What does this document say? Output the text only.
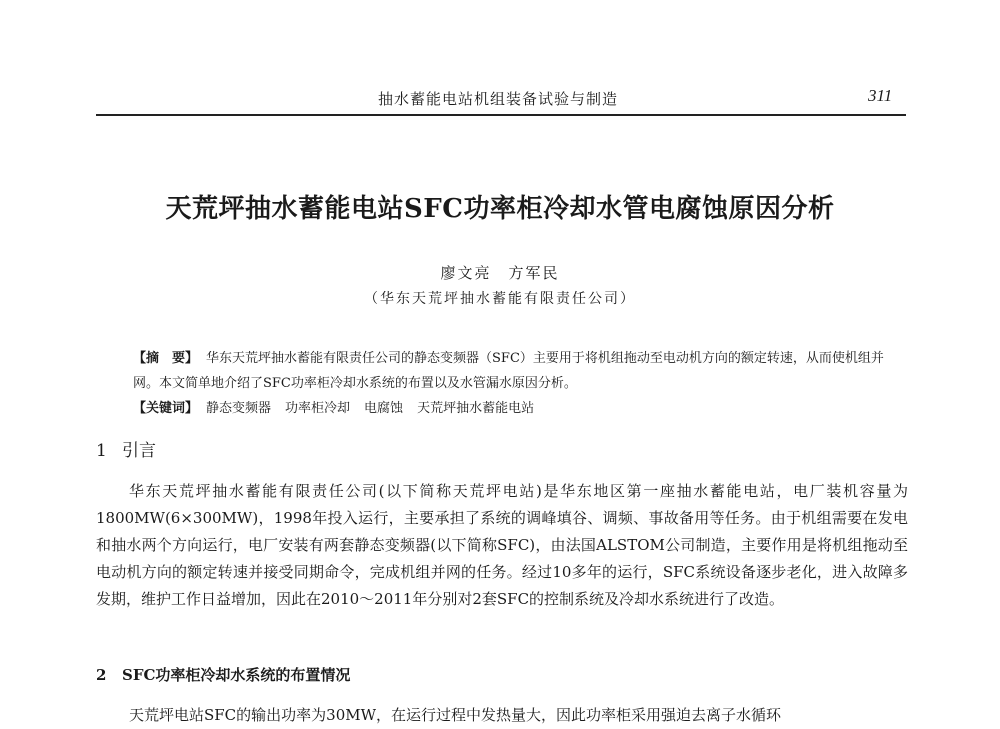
抽水蓄能电站机组装备试验与制造	311
天荒坪抽水蓄能电站SFC功率柜冷却水管电腐蚀原因分析
廖文亮　方军民
（华东天荒坪抽水蓄能有限责任公司）

【摘　要】 华东天荒坪抽水蓄能有限责任公司的静态变频器（SFC）主要用于将机组拖动至电动机方向的额定转速，从而使机组并网。本文简单地介绍了SFC功率柜冷却水系统的布置以及水管漏水原因分析。

【关键词】 静态变频器 功率柜冷却 电腐蚀 天荒坪抽水蓄能电站

1 引言

华东天荒坪抽水蓄能有限责任公司(以下简称天荒坪电站)是华东地区第一座抽水蓄能电站，电厂装机容量为1800MW(6×300MW)，1998年投入运行，主要承担了系统的调峰填谷、调频、事故备用等任务。由于机组需要在发电和抽水两个方向运行，电厂安装有两套静态变频器(以下简称SFC)，由法国ALSTOM公司制造，主要作用是将机组拖动至电动机方向的额定转速并接受同期命令，完成机组并网的任务。经过10多年的运行，SFC系统设备逐步老化，进入故障多发期，维护工作日益增加，因此在2010～2011年分别对2套SFC的控制系统及冷却水系统进行了改造。

2 SFC功率柜冷却水系统的布置情况

天荒坪电站SFC的输出功率为30MW，在运行过程中发热量大，因此功率柜采用强迫去离子水循环
